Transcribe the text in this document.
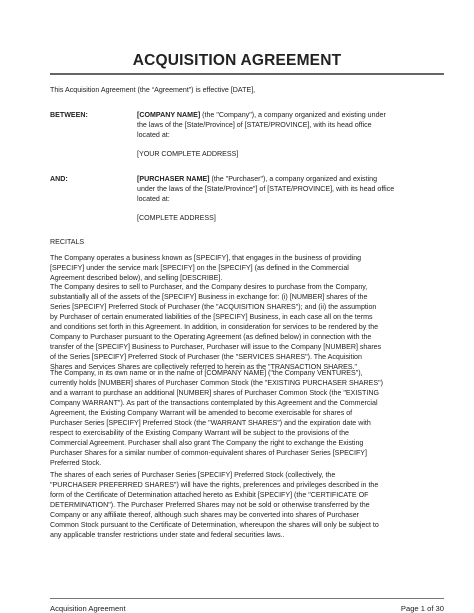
ACQUISITION AGREEMENT
This Acquisition Agreement (the “Agreement”) is effective [DATE],
BETWEEN:	[COMPANY NAME] (the "Company"), a company organized and existing under
the laws of the [State/Province] of [STATE/PROVINCE], with its head office
located at:
[YOUR COMPLETE ADDRESS]
AND:	[PURCHASER NAME] (the "Purchaser"), a company organized and existing
under the laws of the [State/Province"] of [STATE/PROVINCE], with its head office
located at:
[COMPLETE ADDRESS]
RECITALS
The Company operates a business known as [SPECIFY], that engages in the business of providing
[SPECIFY] under the service mark [SPECIFY] on the [SPECIFY] (as defined in the Commercial
Agreement described below), and selling [DESCRIBE].
The Company desires to sell to Purchaser, and the Company desires to purchase from the Company,
substantially all of the assets of the [SPECIFY] Business in exchange for: (i) [NUMBER] shares of the
Series [SPECIFY] Preferred Stock of Purchaser (the "ACQUISITION SHARES"); and (ii) the assumption
by Purchaser of certain enumerated liabilities of the [SPECIFY] Business, in each case all on the terms
and conditions set forth in this Agreement. In addition, in consideration for services to be rendered by the
Company to Purchaser pursuant to the Operating Agreement (as defined below) in connection with the
transfer of the [SPECIFY] Business to Purchaser, Purchaser will issue to the Company [NUMBER] shares
of the Series [SPECIFY] Preferred Stock of Purchaser (the "SERVICES SHARES"). The Acquisition
Shares and Services Shares are collectively referred to herein as the "TRANSACTION SHARES."
The Company, in its own name or in the name of [COMPANY NAME] ("the Company VENTURES"),
currently holds [NUMBER] shares of Purchaser Common Stock (the "EXISTING PURCHASER SHARES")
and a warrant to purchase an additional [NUMBER] shares of Purchaser Common Stock (the "EXISTING
Company WARRANT"). As part of the transactions contemplated by this Agreement and the Commercial
Agreement, the Existing Company Warrant will be amended to become exercisable for shares of
Purchaser Series [SPECIFY] Preferred Stock (the "WARRANT SHARES") and the expiration date with
respect to exercisability of the Existing Company Warrant will be subject to the provisions of the
Commercial Agreement. Purchaser shall also grant The Company the right to exchange the Existing
Purchaser Shares for a similar number of common-equivalent shares of Purchaser Series [SPECIFY]
Preferred Stock.
The shares of each series of Purchaser Series [SPECIFY] Preferred Stock (collectively, the
"PURCHASER PREFERRED SHARES") will have the rights, preferences and privileges described in the
form of the Certificate of Determination attached hereto as Exhibit [SPECIFY] (the "CERTIFICATE OF
DETERMINATION"). The Purchaser Preferred Shares may not be sold or otherwise transferred by the
Company or any affiliate thereof, although such shares may be converted into shares of Purchaser
Common Stock pursuant to the Certificate of Determination, whereupon the shares will only be subject to
any applicable transfer restrictions under state and federal securities laws..
Acquisition Agreement	Page 1 of 30
